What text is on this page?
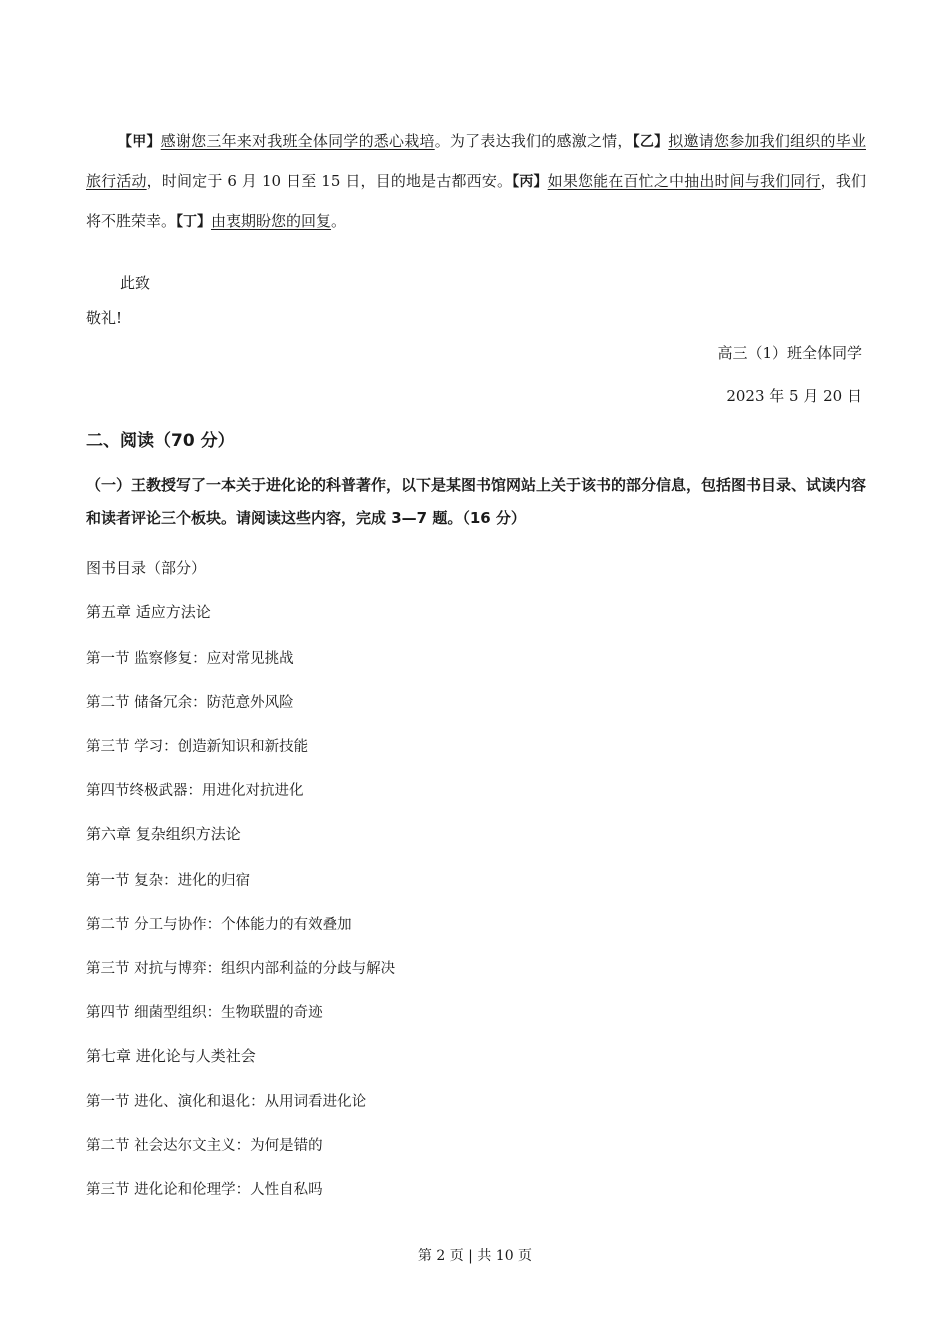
【甲】感谢您三年来对我班全体同学的悉心栽培。为了表达我们的感激之情，【乙】拟邀请您参加我们组织的毕业旅行活动，时间定于 6 月 10 日至 15 日，目的地是古都西安。【丙】如果您能在百忙之中抽出时间与我们同行，我们将不胜荣幸。【丁】由衷期盼您的回复。
此致
敬礼!
高三（1）班全体同学
2023 年 5 月 20 日
二、阅读（70 分）
（一）王教授写了一本关于进化论的科普著作，以下是某图书馆网站上关于该书的部分信息，包括图书目录、试读内容和读者评论三个板块。请阅读这些内容，完成 3—7 题。（16 分）
图书目录（部分）
第五章 适应方法论
第一节 监察修复：应对常见挑战
第二节 储备冗余：防范意外风险
第三节 学习：创造新知识和新技能
第四节终极武器：用进化对抗进化
第六章 复杂组织方法论
第一节 复杂：进化的归宿
第二节 分工与协作：个体能力的有效叠加
第三节 对抗与博弈：组织内部利益的分歧与解决
第四节 细菌型组织：生物联盟的奇迹
第七章 进化论与人类社会
第一节 进化、演化和退化：从用词看进化论
第二节 社会达尔文主义：为何是错的
第三节 进化论和伦理学：人性自私吗
第 2 页 | 共 10 页
